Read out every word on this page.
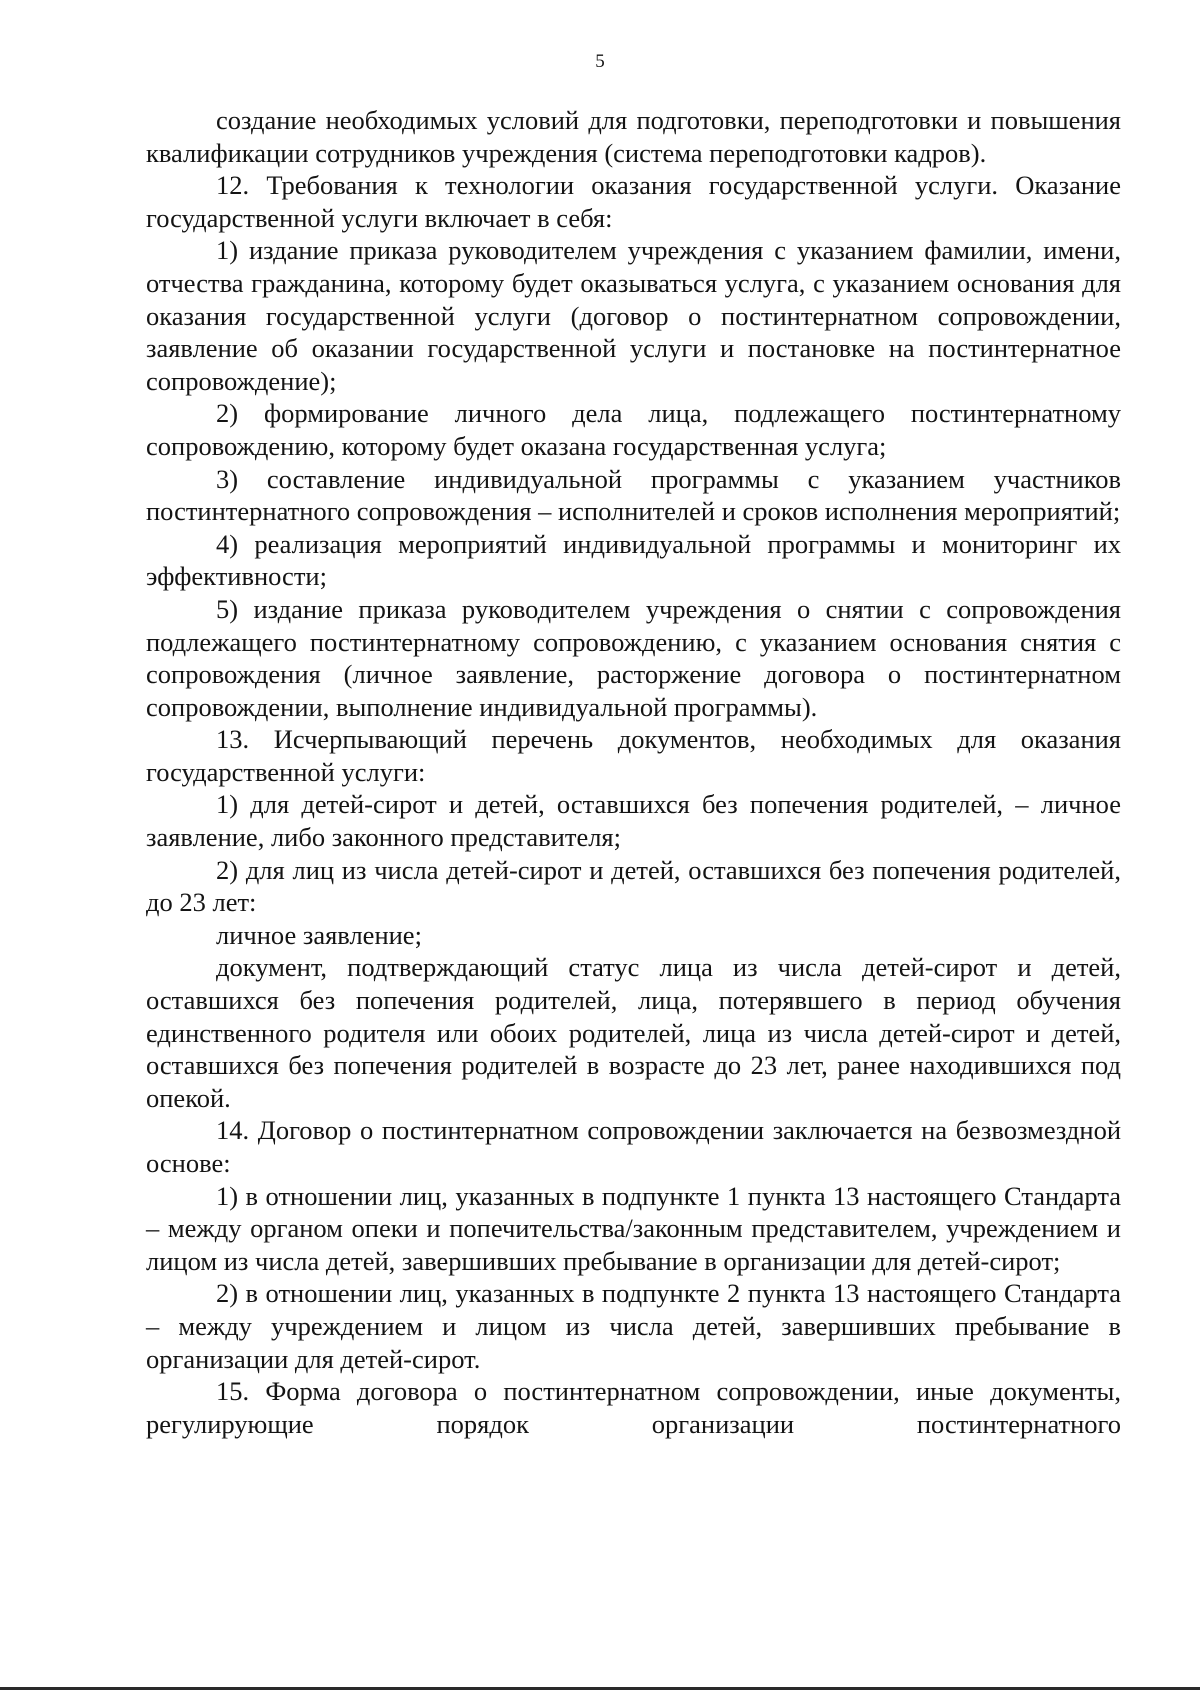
5

создание необходимых условий для подготовки, переподготовки и повышения квалификации сотрудников учреждения (система переподготовки кадров).

12. Требования к технологии оказания государственной услуги. Оказание государственной услуги включает в себя:

1) издание приказа руководителем учреждения с указанием фамилии, имени, отчества гражданина, которому будет оказываться услуга, с указанием основания для оказания государственной услуги (договор о постинтернатном сопровождении, заявление об оказании государственной услуги и постановке на постинтернатное сопровождение);

2) формирование личного дела лица, подлежащего постинтернатному сопровождению, которому будет оказана государственная услуга;

3) составление индивидуальной программы с указанием участников постинтернатного сопровождения – исполнителей и сроков исполнения мероприятий;

4) реализация мероприятий индивидуальной программы и мониторинг их эффективности;

5) издание приказа руководителем учреждения о снятии с сопровождения подлежащего постинтернатному сопровождению, с указанием основания снятия с сопровождения (личное заявление, расторжение договора о постинтернатном сопровождении, выполнение индивидуальной программы).

13. Исчерпывающий перечень документов, необходимых для оказания государственной услуги:

1) для детей-сирот и детей, оставшихся без попечения родителей, – личное заявление, либо законного представителя;

2) для лиц из числа детей-сирот и детей, оставшихся без попечения родителей, до 23 лет:

личное заявление;

документ, подтверждающий статус лица из числа детей-сирот и детей, оставшихся без попечения родителей, лица, потерявшего в период обучения единственного родителя или обоих родителей, лица из числа детей-сирот и детей, оставшихся без попечения родителей в возрасте до 23 лет, ранее находившихся под опекой.

14. Договор о постинтернатном сопровождении заключается на безвозмездной основе:

1) в отношении лиц, указанных в подпункте 1 пункта 13 настоящего Стандарта – между органом опеки и попечительства/законным представителем, учреждением и лицом из числа детей, завершивших пребывание в организации для детей-сирот;

2) в отношении лиц, указанных в подпункте 2 пункта 13 настоящего Стандарта – между учреждением и лицом из числа детей, завершивших пребывание в организации для детей-сирот.

15. Форма договора о постинтернатном сопровождении, иные документы, регулирующие порядок организации постинтернатного
